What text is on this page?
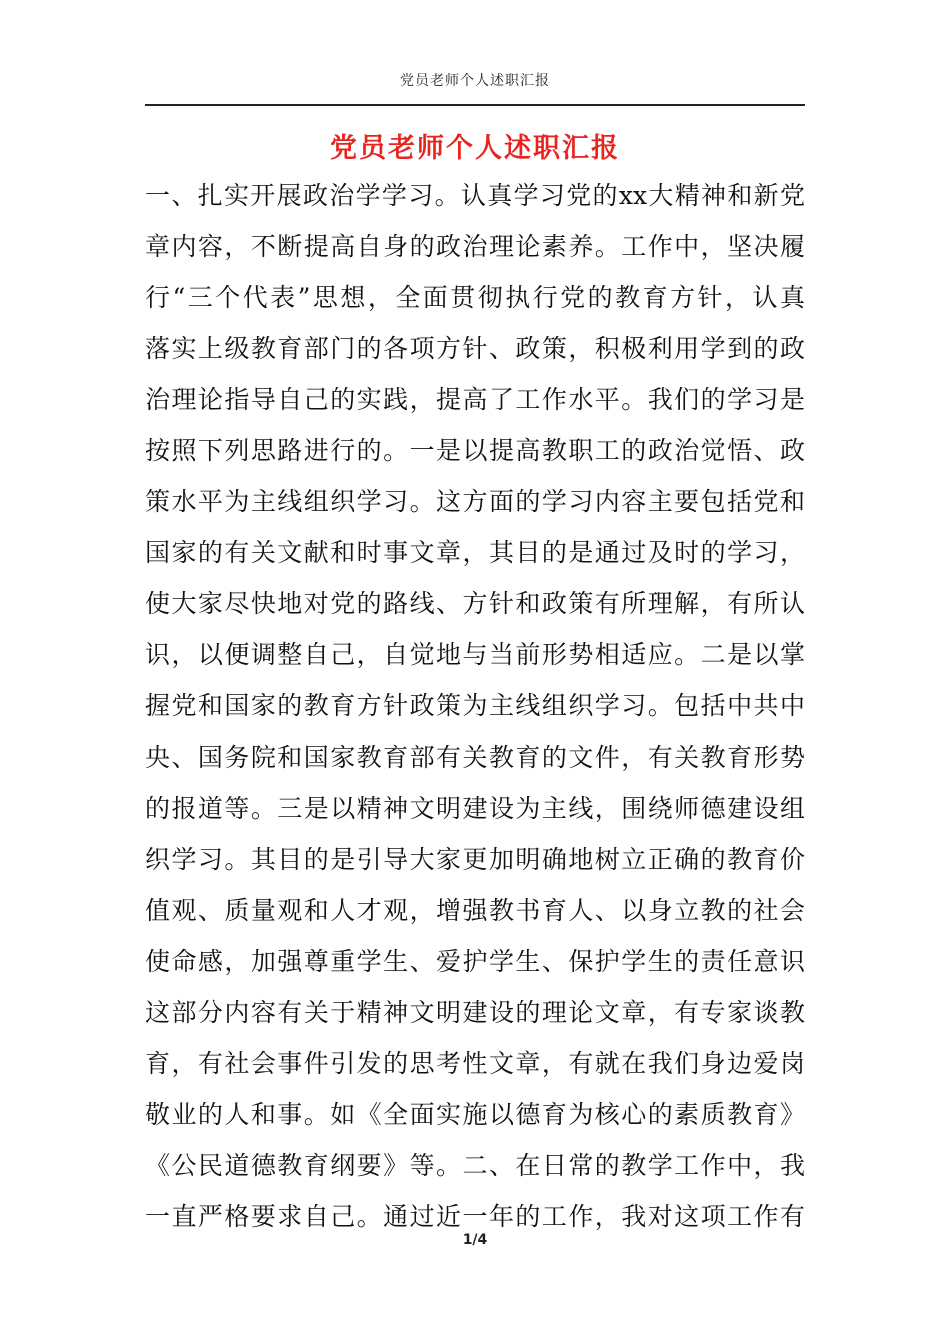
党员老师个人述职汇报
党员老师个人述职汇报
一、扎实开展政治学学习。认真学习党的xx大精神和新党
章内容，不断提高自身的政治理论素养。工作中，坚决履
行“三个代表”思想，全面贯彻执行党的教育方针，认真
落实上级教育部门的各项方针、政策，积极利用学到的政
治理论指导自己的实践，提高了工作水平。我们的学习是
按照下列思路进行的。一是以提高教职工的政治觉悟、政
策水平为主线组织学习。这方面的学习内容主要包括党和
国家的有关文献和时事文章，其目的是通过及时的学习，
使大家尽快地对党的路线、方针和政策有所理解，有所认
识，以便调整自己，自觉地与当前形势相适应。二是以掌
握党和国家的教育方针政策为主线组织学习。包括中共中
央、国务院和国家教育部有关教育的文件，有关教育形势
的报道等。三是以精神文明建设为主线，围绕师德建设组
织学习。其目的是引导大家更加明确地树立正确的教育价
值观、质量观和人才观，增强教书育人、以身立教的社会
使命感，加强尊重学生、爱护学生、保护学生的责任意识
这部分内容有关于精神文明建设的理论文章，有专家谈教
育，有社会事件引发的思考性文章，有就在我们身边爱岗
敬业的人和事。如《全面实施以德育为核心的素质教育》
《公民道德教育纲要》等。二、在日常的教学工作中，我
一直严格要求自己。通过近一年的工作，我对这项工作有
1/4
